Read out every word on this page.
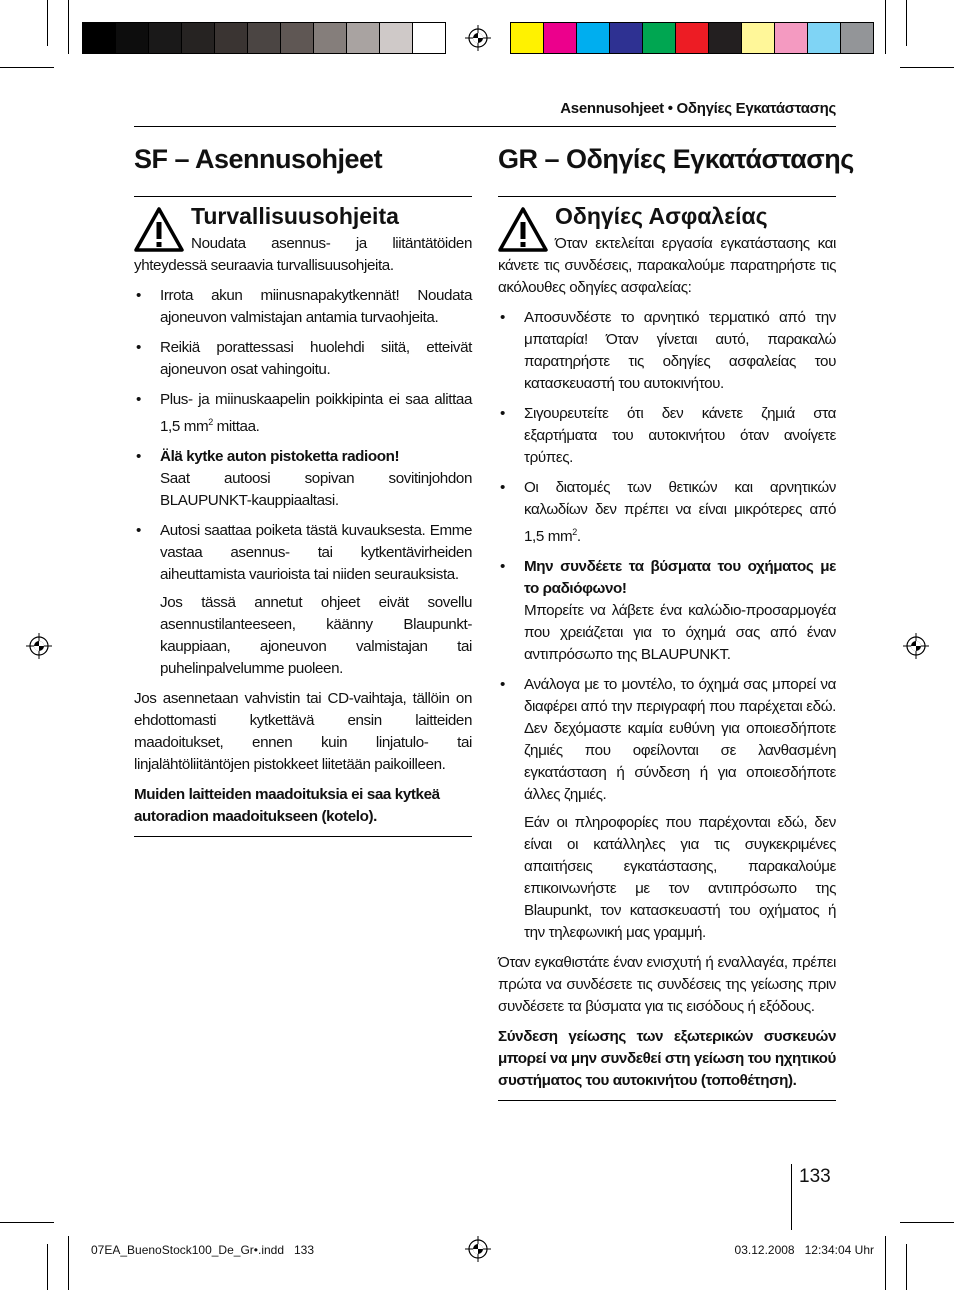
Asennusohjeet • Οδηγίες Εγκατάστασης
SF – Asennusohjeet	GR – Οδηγίες Εγκατάστασης
Turvallisuusohjeita

Noudata asennus- ja liitäntätöiden yhteydessä seuraavia turvallisuusohjeita.

• Irrota akun miinusnapakytkennät! Noudata ajoneuvon valmistajan antamia turvaohjeita.
• Reikiä porattessasi huolehdi siitä, etteivät ajoneuvon osat vahingoitu.
• Plus- ja miinuskaapelin poikkipinta ei saa alittaa 1,5 $mm^2$ mittaa.
• Älä kytke auton pistoketta radioon!
Saat autoosi sopivan sovitinjohdon BLAUPUNKT-kauppiaaltasi.
• Autosi saattaa poiketa tästä kuvauksesta. Emme vastaa asennus- tai kytkentävirheiden aiheuttamista vaurioista tai niiden seurauksista.
Jos tässä annetut ohjeet eivät sovellu asennustilanteeseen, käänny Blaupunkt-kauppiaan, ajoneuvon valmistajan tai puhelinpalvelumme puoleen.

Jos asennetaan vahvistin tai CD-vaihtaja, tällöin on ehdottomasti kytkettävä ensin laitteiden maadoitukset, ennen kuin linjatulo- tai linjalähtöliitäntöjen pistokkeet liitetään paikoilleen.

Muiden laitteiden maadoituksia ei saa kytkeä autoradion maadoitukseen (kotelo).

Οδηγίες Ασφαλείας

Όταν εκτελείται εργασία εγκατάστασης και κάνετε τις συνδέσεις, παρακαλούμε παρατηρήστε τις ακόλουθες οδηγίες ασφαλείας:

• Αποσυνδέστε το αρνητικό τερματικό από την μπαταρία! Όταν γίνεται αυτό, παρακαλώ παρατηρήστε τις οδηγίες ασφαλείας του κατασκευαστή του αυτοκινήτου.
• Σιγουρευτείτε ότι δεν κάνετε ζημιά στα εξαρτήματα του αυτοκινήτου όταν ανοίγετε τρύπες.
• Οι διατομές των θετικών και αρνητικών καλωδίων δεν πρέπει να είναι μικρότερες από 1,5 $mm^2$.
• Μην συνδέετε τα βύσματα του οχήματος με το ραδιόφωνο!
Μπορείτε να λάβετε ένα καλώδιο-προσαρμογέα που χρειάζεται για το όχημά σας από έναν αντιπρόσωπο της BLAUPUNKT.
• Ανάλογα με το μοντέλο, το όχημά σας μπορεί να διαφέρει από την περιγραφή που παρέχεται εδώ. Δεν δεχόμαστε καμία ευθύνη για οποιεσδήποτε ζημιές που οφείλονται σε λανθασμένη εγκατάσταση ή σύνδεση ή για οποιεσδήποτε άλλες ζημιές.
Εάν οι πληροφορίες που παρέχονται εδώ, δεν είναι οι κατάλληλες για τις συγκεκριμένες απαιτήσεις εγκατάστασης, παρακαλούμε επικοινωνήστε με τον αντιπρόσωπο της Blaupunkt, τον κατασκευαστή του οχήματος ή την τηλεφωνική μας γραμμή.

Όταν εγκαθιστάτε έναν ενισχυτή ή εναλλαγέα, πρέπει πρώτα να συνδέσετε τις συνδέσεις της γείωσης πριν συνδέσετε τα βύσματα για τις εισόδους ή εξόδους.

Σύνδεση γείωσης των εξωτερικών συσκευών μπορεί να μην συνδεθεί στη γείωση του ηχητικού συστήματος του αυτοκινήτου (τοποθέτηση).

133
07EA_BuenoStock100_De_Gr•.indd   133	03.12.2008   12:34:04 Uhr
